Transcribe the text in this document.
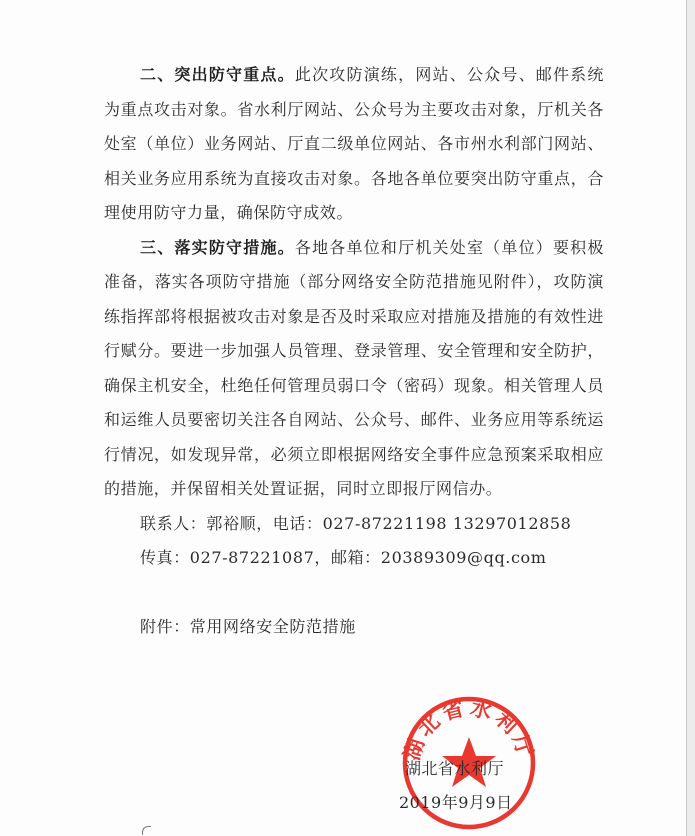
二、突出防守重点。此次攻防演练，网站、公众号、邮件系统为重点攻击对象。省水利厅网站、公众号为主要攻击对象，厅机关各处室（单位）业务网站、厅直二级单位网站、各市州水利部门网站、相关业务应用系统为直接攻击对象。各地各单位要突出防守重点，合理使用防守力量，确保防守成效。

三、落实防守措施。各地各单位和厅机关处室（单位）要积极准备，落实各项防守措施（部分网络安全防范措施见附件），攻防演练指挥部将根据被攻击对象是否及时采取应对措施及措施的有效性进行赋分。要进一步加强人员管理、登录管理、安全管理和安全防护，确保主机安全，杜绝任何管理员弱口令（密码）现象。相关管理人员和运维人员要密切关注各自网站、公众号、邮件、业务应用等系统运行情况，如发现异常，必须立即根据网络安全事件应急预案采取相应的措施，并保留相关处置证据，同时立即报厅网信办。

联系人：郭裕顺，电话：027-87221198 13297012858

传真：027-87221087，邮箱：20389309@qq.com

附件：常用网络安全防范措施

湖北省水利厅
湖北省水利厅
2019年9月9日
